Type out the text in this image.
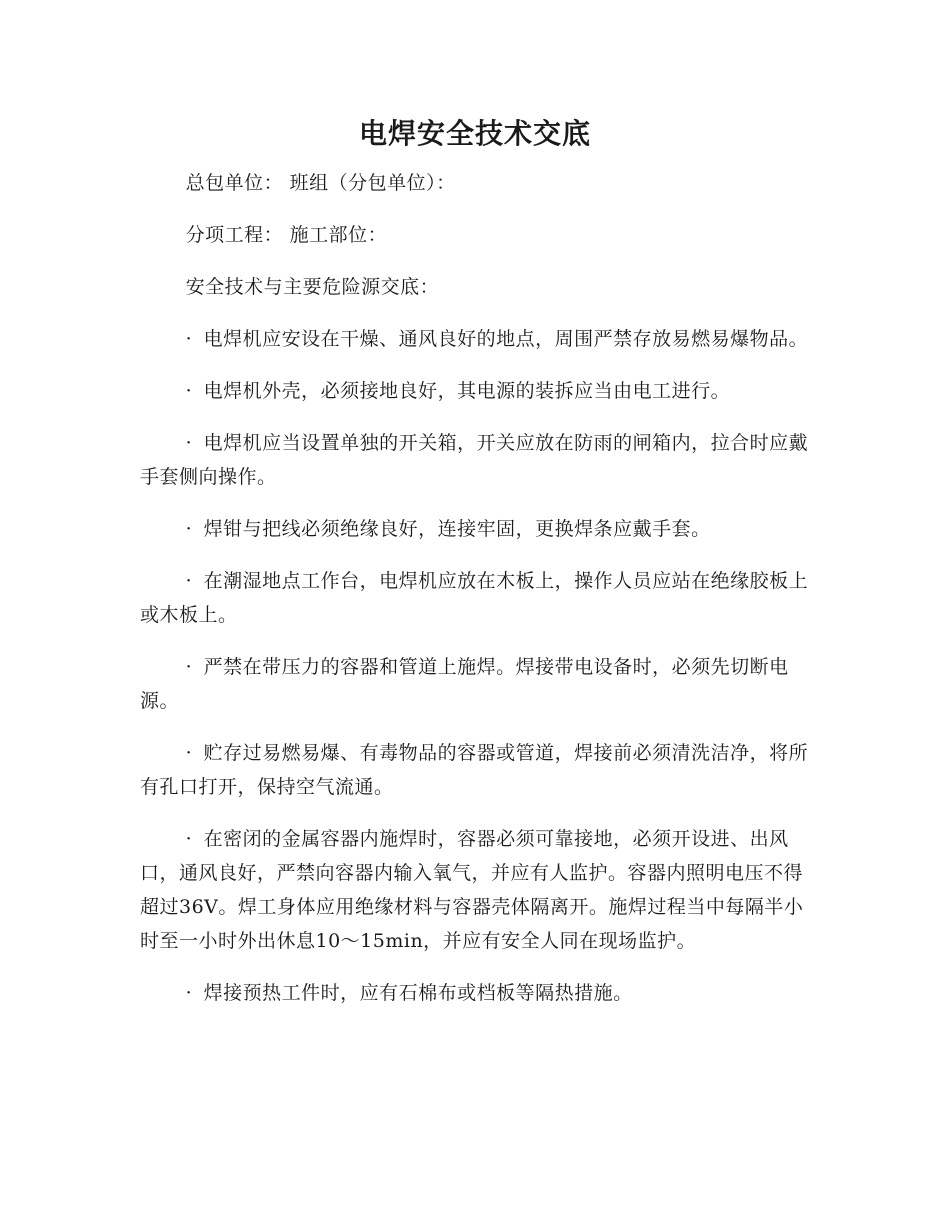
电焊安全技术交底

总包单位： 班组（分包单位）：

分项工程： 施工部位：

安全技术与主要危险源交底：

· 电焊机应安设在干燥、通风良好的地点，周围严禁存放易燃易爆物品。

· 电焊机外壳，必须接地良好，其电源的装拆应当由电工进行。

· 电焊机应当设置单独的开关箱，开关应放在防雨的闸箱内，拉合时应戴手套侧向操作。

· 焊钳与把线必须绝缘良好，连接牢固，更换焊条应戴手套。

· 在潮湿地点工作台，电焊机应放在木板上，操作人员应站在绝缘胶板上或木板上。

· 严禁在带压力的容器和管道上施焊。焊接带电设备时，必须先切断电源。

· 贮存过易燃易爆、有毒物品的容器或管道，焊接前必须清洗洁净，将所有孔口打开，保持空气流通。

· 在密闭的金属容器内施焊时，容器必须可靠接地，必须开设进、出风口，通风良好，严禁向容器内输入氧气，并应有人监护。容器内照明电压不得超过36V。焊工身体应用绝缘材料与容器壳体隔离开。施焊过程当中每隔半小时至一小时外出休息10～15min，并应有安全人同在现场监护。

· 焊接预热工件时，应有石棉布或档板等隔热措施。
